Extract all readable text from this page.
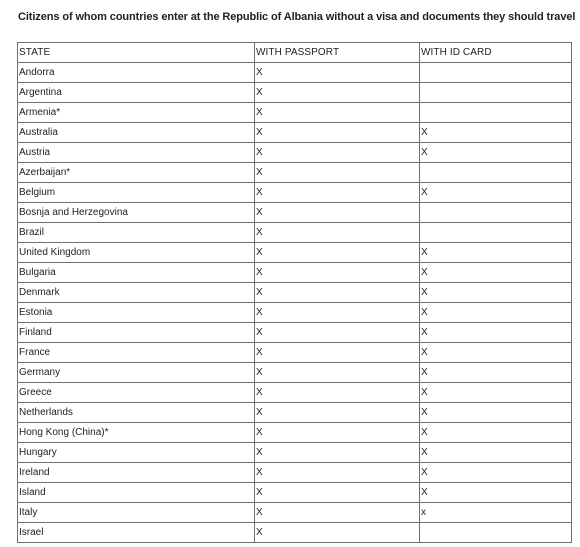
Citizens of whom countries enter at the Republic of Albania without a visa and documents they should travel
STATE	WITH PASSPORT	WITH ID CARD
Andorra	X	
Argentina	X	
Armenia*	X	
Australia	X	X
Austria	X	X
Azerbaijan*	X	
Belgium	X	X
Bosnja and Herzegovina	X	
Brazil	X	
United Kingdom	X	X
Bulgaria	X	X
Denmark	X	X
Estonia	X	X
Finland	X	X
France	X	X
Germany	X	X
Greece	X	X
Netherlands	X	X
Hong Kong (China)*	X	X
Hungary	X	X
Ireland	X	X
Island	X	X
Italy	X	x
Israel	X	
